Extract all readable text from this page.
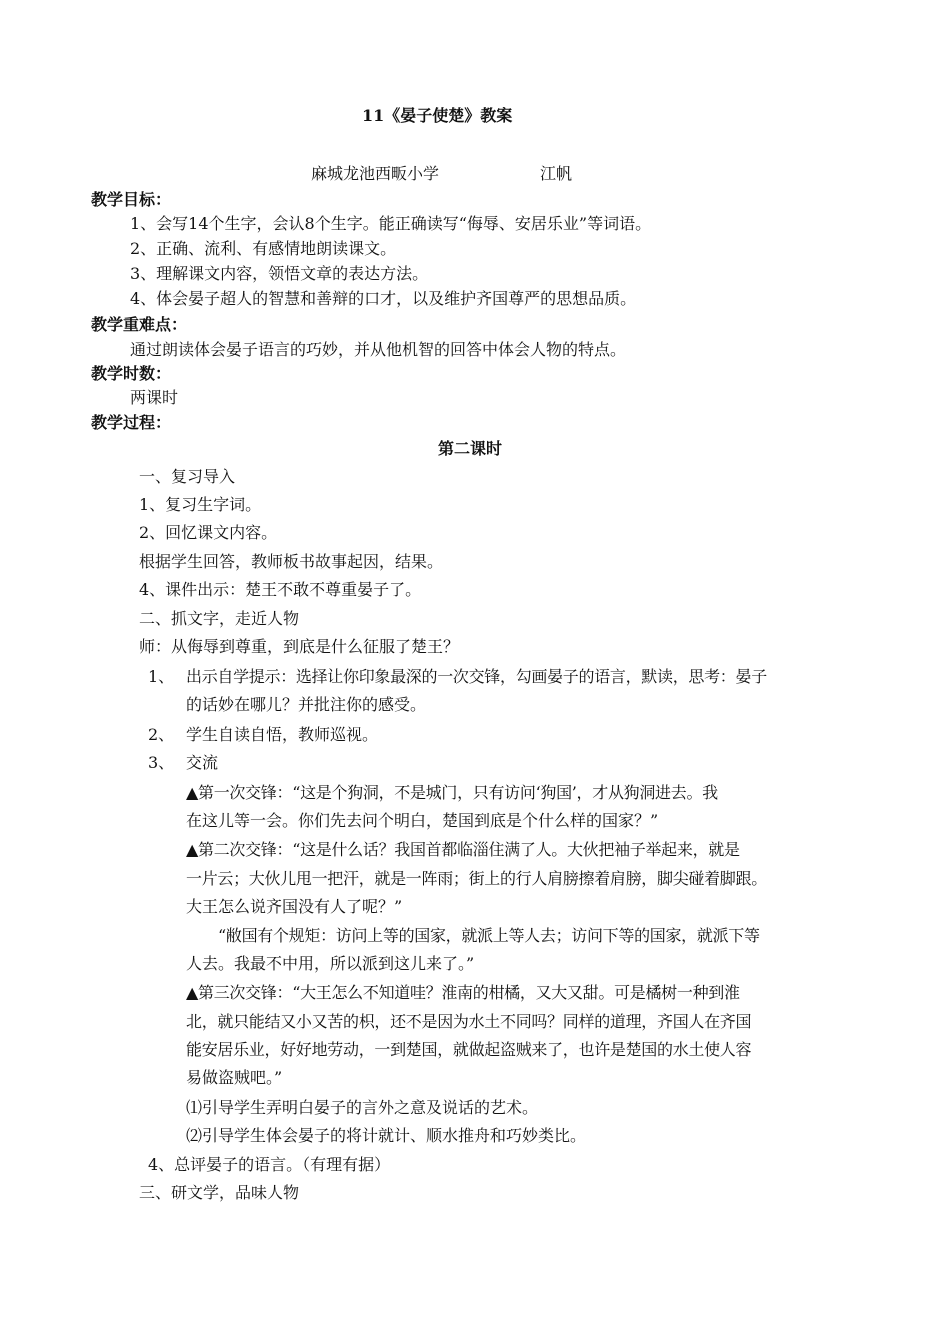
11《晏子使楚》教案
麻城龙池西畈小学	江帆
教学目标：
1、会写14个生字，会认8个生字。能正确读写“侮辱、安居乐业”等词语。
2、正确、流利、有感情地朗读课文。
3、理解课文内容，领悟文章的表达方法。
4、体会晏子超人的智慧和善辩的口才，以及维护齐国尊严的思想品质。
教学重难点：
通过朗读体会晏子语言的巧妙，并从他机智的回答中体会人物的特点。
教学时数：
两课时
教学过程：
第二课时
一、复习导入
1、复习生字词。
2、回忆课文内容。
根据学生回答，教师板书故事起因，结果。
4、课件出示：楚王不敢不尊重晏子了。
二、抓文字，走近人物
师：从侮辱到尊重，到底是什么征服了楚王？
1、 出示自学提示：选择让你印象最深的一次交锋，勾画晏子的语言，默读，思考：晏子
的话妙在哪儿？并批注你的感受。
2、 学生自读自悟，教师巡视。
3、 交流
▲第一次交锋：“这是个狗洞，不是城门，只有访问‘狗国’，才从狗洞进去。我
在这儿等一会。你们先去问个明白，楚国到底是个什么样的国家？”
▲第二次交锋：“这是什么话？我国首都临淄住满了人。大伙把袖子举起来，就是
一片云；大伙儿甩一把汗，就是一阵雨；街上的行人肩膀擦着肩膀，脚尖碰着脚跟。
大王怎么说齐国没有人了呢？”
“敝国有个规矩：访问上等的国家，就派上等人去；访问下等的国家，就派下等
人去。我最不中用，所以派到这儿来了。”
▲第三次交锋：“大王怎么不知道哇？淮南的柑橘，又大又甜。可是橘树一种到淮
北，就只能结又小又苦的枳，还不是因为水土不同吗？同样的道理，齐国人在齐国
能安居乐业，好好地劳动，一到楚国，就做起盗贼来了，也许是楚国的水土使人容
易做盗贼吧。”
⑴引导学生弄明白晏子的言外之意及说话的艺术。
⑵引导学生体会晏子的将计就计、顺水推舟和巧妙类比。
4、总评晏子的语言。（有理有据）
三、研文学，品味人物
